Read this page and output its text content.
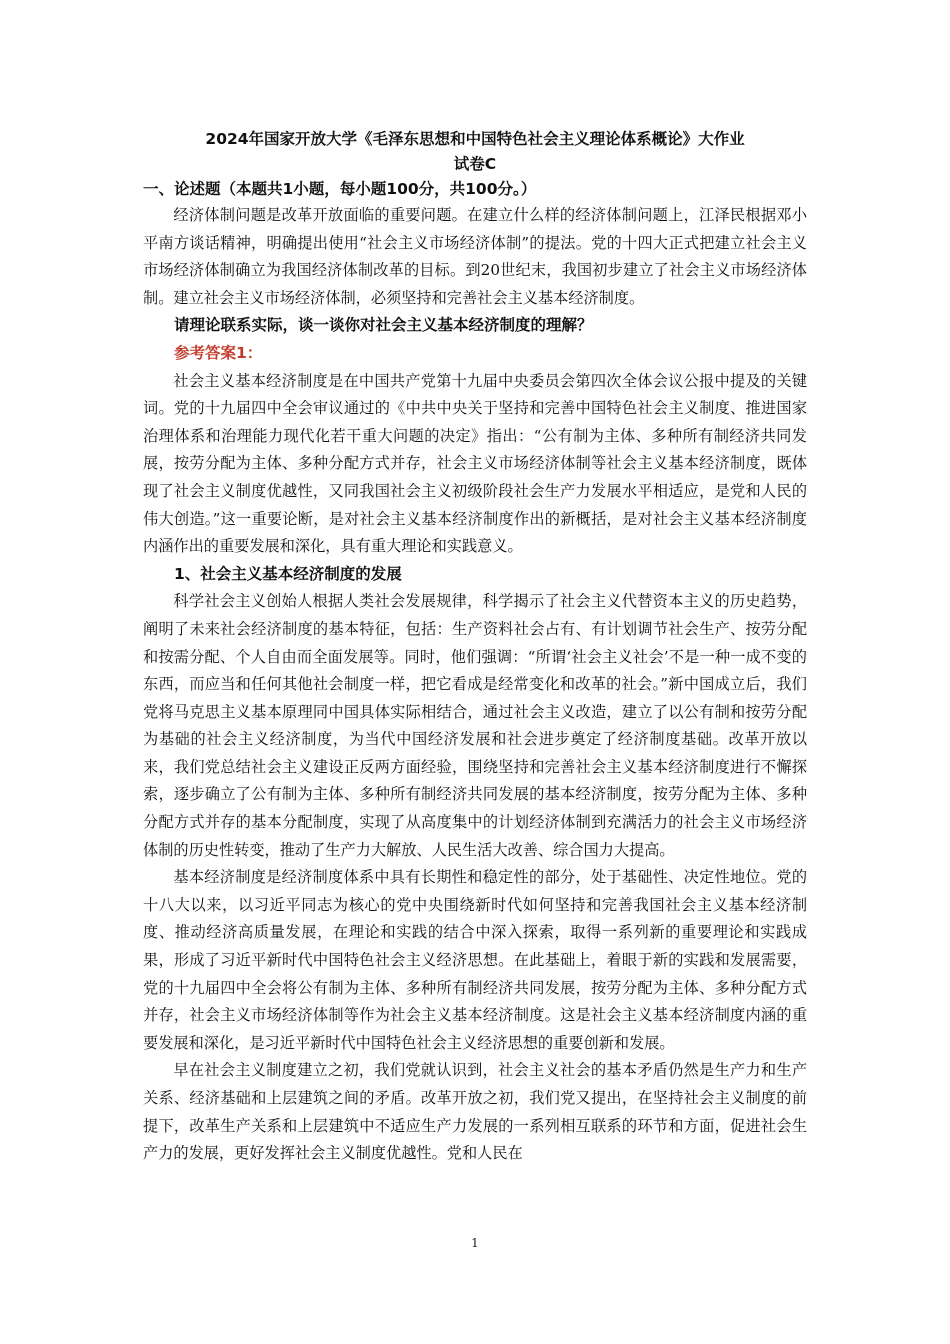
2024年国家开放大学《毛泽东思想和中国特色社会主义理论体系概论》大作业

试卷C

一、论述题（本题共1小题，每小题100分，共100分。）

经济体制问题是改革开放面临的重要问题。在建立什么样的经济体制问题上，江泽民根据邓小平南方谈话精神，明确提出使用“社会主义市场经济体制”的提法。党的十四大正式把建立社会主义市场经济体制确立为我国经济体制改革的目标。到20世纪末，我国初步建立了社会主义市场经济体制。建立社会主义市场经济体制，必须坚持和完善社会主义基本经济制度。

请理论联系实际，谈一谈你对社会主义基本经济制度的理解？

参考答案1：

社会主义基本经济制度是在中国共产党第十九届中央委员会第四次全体会议公报中提及的关键词。党的十九届四中全会审议通过的《中共中央关于坚持和完善中国特色社会主义制度、推进国家治理体系和治理能力现代化若干重大问题的决定》指出：“公有制为主体、多种所有制经济共同发展，按劳分配为主体、多种分配方式并存，社会主义市场经济体制等社会主义基本经济制度，既体现了社会主义制度优越性，又同我国社会主义初级阶段社会生产力发展水平相适应，是党和人民的伟大创造。”这一重要论断，是对社会主义基本经济制度作出的新概括，是对社会主义基本经济制度内涵作出的重要发展和深化，具有重大理论和实践意义。

1、社会主义基本经济制度的发展

科学社会主义创始人根据人类社会发展规律，科学揭示了社会主义代替资本主义的历史趋势，阐明了未来社会经济制度的基本特征，包括：生产资料社会占有、有计划调节社会生产、按劳分配和按需分配、个人自由而全面发展等。同时，他们强调：“所谓‘社会主义社会’不是一种一成不变的东西，而应当和任何其他社会制度一样，把它看成是经常变化和改革的社会。”新中国成立后，我们党将马克思主义基本原理同中国具体实际相结合，通过社会主义改造，建立了以公有制和按劳分配为基础的社会主义经济制度，为当代中国经济发展和社会进步奠定了经济制度基础。改革开放以来，我们党总结社会主义建设正反两方面经验，围绕坚持和完善社会主义基本经济制度进行不懈探索，逐步确立了公有制为主体、多种所有制经济共同发展的基本经济制度，按劳分配为主体、多种分配方式并存的基本分配制度，实现了从高度集中的计划经济体制到充满活力的社会主义市场经济体制的历史性转变，推动了生产力大解放、人民生活大改善、综合国力大提高。

基本经济制度是经济制度体系中具有长期性和稳定性的部分，处于基础性、决定性地位。党的十八大以来，以习近平同志为核心的党中央围绕新时代如何坚持和完善我国社会主义基本经济制度、推动经济高质量发展，在理论和实践的结合中深入探索，取得一系列新的重要理论和实践成果，形成了习近平新时代中国特色社会主义经济思想。在此基础上，着眼于新的实践和发展需要，党的十九届四中全会将公有制为主体、多种所有制经济共同发展，按劳分配为主体、多种分配方式并存，社会主义市场经济体制等作为社会主义基本经济制度。这是社会主义基本经济制度内涵的重要发展和深化，是习近平新时代中国特色社会主义经济思想的重要创新和发展。

早在社会主义制度建立之初，我们党就认识到，社会主义社会的基本矛盾仍然是生产力和生产关系、经济基础和上层建筑之间的矛盾。改革开放之初，我们党又提出，在坚持社会主义制度的前提下，改革生产关系和上层建筑中不适应生产力发展的一系列相互联系的环节和方面，促进社会生产力的发展，更好发挥社会主义制度优越性。党和人民在

1
